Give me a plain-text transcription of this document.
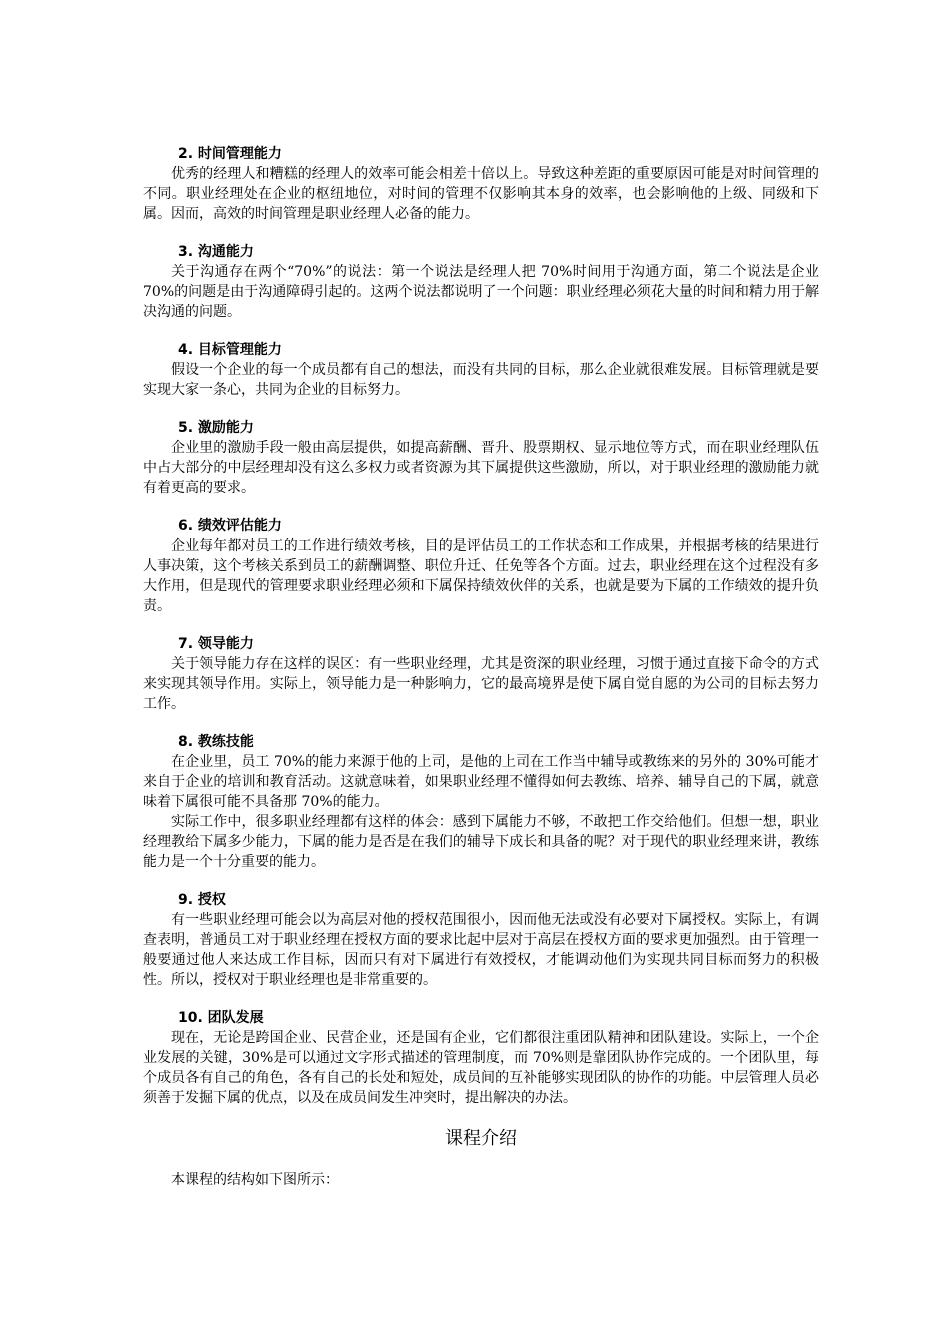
2. 时间管理能力

优秀的经理人和糟糕的经理人的效率可能会相差十倍以上。导致这种差距的重要原因可能是对时间管理的不同。职业经理处在企业的枢纽地位，对时间的管理不仅影响其本身的效率，也会影响他的上级、同级和下属。因而，高效的时间管理是职业经理人必备的能力。

3. 沟通能力

关于沟通存在两个“70%”的说法：第一个说法是经理人把 70%时间用于沟通方面，第二个说法是企业 70%的问题是由于沟通障碍引起的。这两个说法都说明了一个问题：职业经理必须花大量的时间和精力用于解决沟通的问题。

4. 目标管理能力

假设一个企业的每一个成员都有自己的想法，而没有共同的目标，那么企业就很难发展。目标管理就是要实现大家一条心，共同为企业的目标努力。

5. 激励能力

企业里的激励手段一般由高层提供，如提高薪酬、晋升、股票期权、显示地位等方式，而在职业经理队伍中占大部分的中层经理却没有这么多权力或者资源为其下属提供这些激励，所以，对于职业经理的激励能力就有着更高的要求。

6. 绩效评估能力

企业每年都对员工的工作进行绩效考核，目的是评估员工的工作状态和工作成果，并根据考核的结果进行人事决策，这个考核关系到员工的薪酬调整、职位升迁、任免等各个方面。过去，职业经理在这个过程没有多大作用，但是现代的管理要求职业经理必须和下属保持绩效伙伴的关系，也就是要为下属的工作绩效的提升负责。

7. 领导能力

关于领导能力存在这样的误区：有一些职业经理，尤其是资深的职业经理，习惯于通过直接下命令的方式来实现其领导作用。实际上，领导能力是一种影响力，它的最高境界是使下属自觉自愿的为公司的目标去努力工作。

8. 教练技能

在企业里，员工 70%的能力来源于他的上司，是他的上司在工作当中辅导或教练来的另外的 30%可能才来自于企业的培训和教育活动。这就意味着，如果职业经理不懂得如何去教练、培养、辅导自己的下属，就意味着下属很可能不具备那 70%的能力。

实际工作中，很多职业经理都有这样的体会：感到下属能力不够，不敢把工作交给他们。但想一想，职业经理教给下属多少能力，下属的能力是否是在我们的辅导下成长和具备的呢？对于现代的职业经理来讲，教练能力是一个十分重要的能力。

9. 授权

有一些职业经理可能会以为高层对他的授权范围很小，因而他无法或没有必要对下属授权。实际上，有调查表明，普通员工对于职业经理在授权方面的要求比起中层对于高层在授权方面的要求更加强烈。由于管理一般要通过他人来达成工作目标，因而只有对下属进行有效授权，才能调动他们为实现共同目标而努力的积极性。所以，授权对于职业经理也是非常重要的。

10. 团队发展

现在，无论是跨国企业、民营企业，还是国有企业，它们都很注重团队精神和团队建设。实际上，一个企业发展的关键，30%是可以通过文字形式描述的管理制度，而 70%则是靠团队协作完成的。一个团队里，每个成员各有自己的角色，各有自己的长处和短处，成员间的互补能够实现团队的协作的功能。中层管理人员必须善于发掘下属的优点，以及在成员间发生冲突时，提出解决的办法。

课程介绍

本课程的结构如下图所示：
